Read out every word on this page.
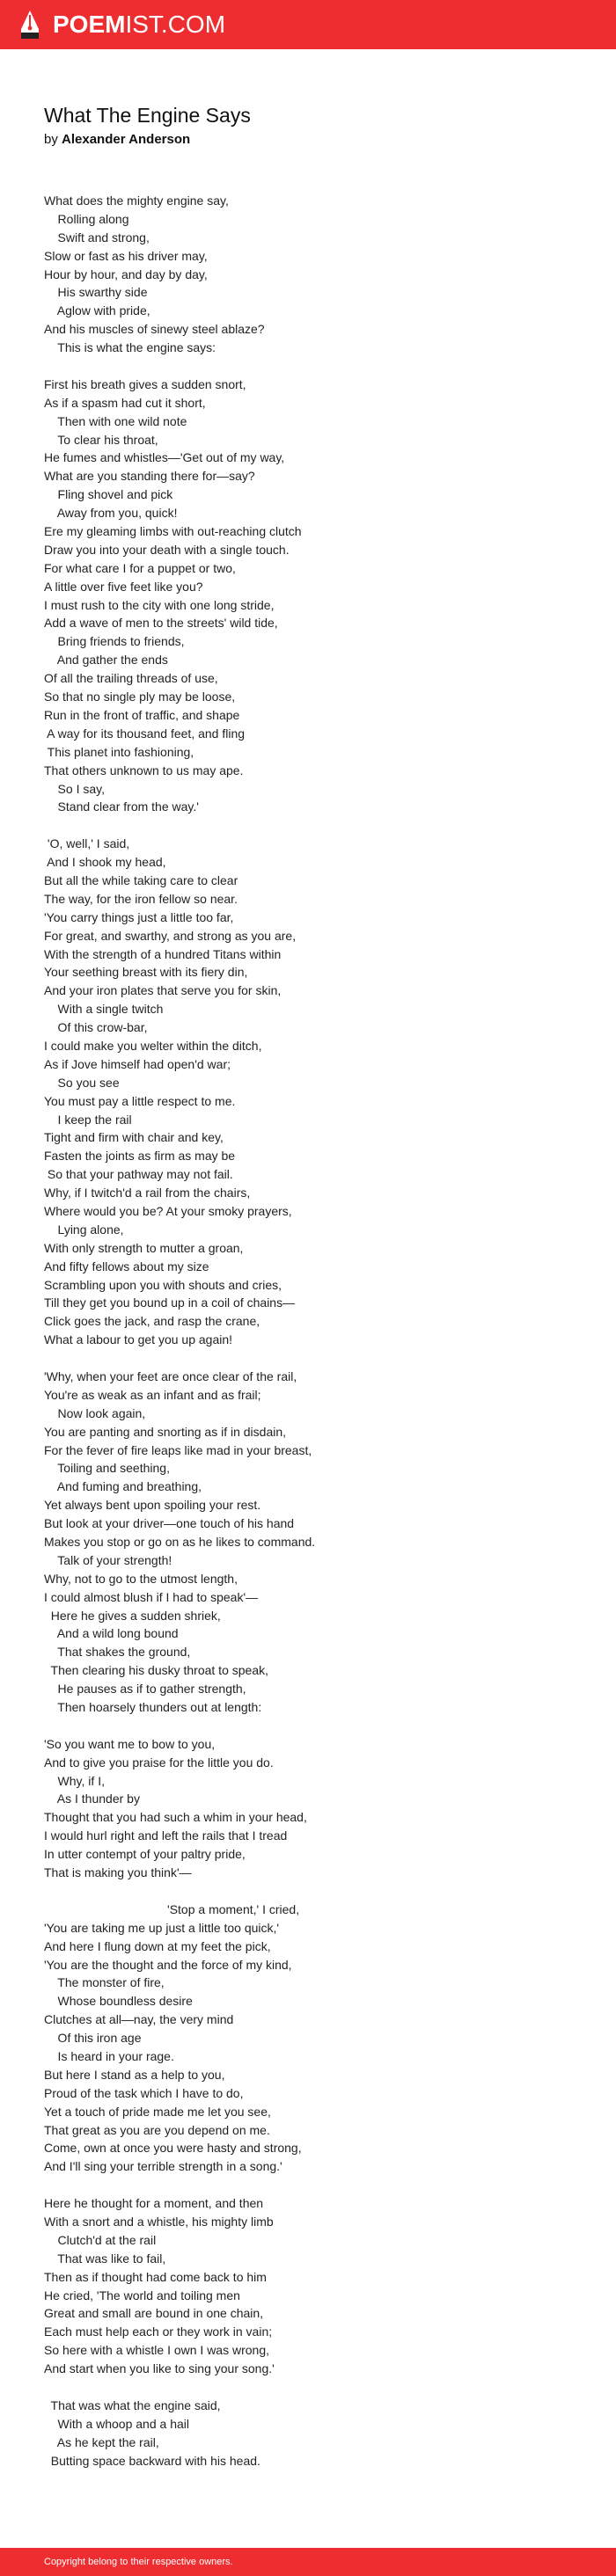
POEMIST.COM
What The Engine Says
by Alexander Anderson
What does the mighty engine say,
Rolling along
Swift and strong,
Slow or fast as his driver may,
Hour by hour, and day by day,
His swarthy side
Aglow with pride,
And his muscles of sinewy steel ablaze?
This is what the engine says:
First his breath gives a sudden snort,
As if a spasm had cut it short,
Then with one wild note
To clear his throat,
He fumes and whistles—'Get out of my way,
What are you standing there for—say?
Fling shovel and pick
Away from you, quick!
Ere my gleaming limbs with out-reaching clutch
Draw you into your death with a single touch.
For what care I for a puppet or two,
A little over five feet like you?
I must rush to the city with one long stride,
Add a wave of men to the streets' wild tide,
Bring friends to friends,
And gather the ends
Of all the trailing threads of use,
So that no single ply may be loose,
Run in the front of traffic, and shape
A way for its thousand feet, and fling
This planet into fashioning,
That others unknown to us may ape.
So I say,
Stand clear from the way.'
'O, well,' I said,
And I shook my head,
But all the while taking care to clear
The way, for the iron fellow so near.
'You carry things just a little too far,
For great, and swarthy, and strong as you are,
With the strength of a hundred Titans within
Your seething breast with its fiery din,
And your iron plates that serve you for skin,
With a single twitch
Of this crow-bar,
I could make you welter within the ditch,
As if Jove himself had open'd war;
So you see
You must pay a little respect to me.
I keep the rail
Tight and firm with chair and key,
Fasten the joints as firm as may be
So that your pathway may not fail.
Why, if I twitch'd a rail from the chairs,
Where would you be? At your smoky prayers,
Lying alone,
With only strength to mutter a groan,
And fifty fellows about my size
Scrambling upon you with shouts and cries,
Till they get you bound up in a coil of chains—
Click goes the jack, and rasp the crane,
What a labour to get you up again!
'Why, when your feet are once clear of the rail,
You're as weak as an infant and as frail;
Now look again,
You are panting and snorting as if in disdain,
For the fever of fire leaps like mad in your breast,
Toiling and seething,
And fuming and breathing,
Yet always bent upon spoiling your rest.
But look at your driver—one touch of his hand
Makes you stop or go on as he likes to command.
Talk of your strength!
Why, not to go to the utmost length,
I could almost blush if I had to speak'—
Here he gives a sudden shriek,
And a wild long bound
That shakes the ground,
Then clearing his dusky throat to speak,
He pauses as if to gather strength,
Then hoarsely thunders out at length:
'So you want me to bow to you,
And to give you praise for the little you do.
Why, if I,
As I thunder by
Thought that you had such a whim in your head,
I would hurl right and left the rails that I tread
In utter contempt of your paltry pride,
That is making you think'—
'Stop a moment,' I cried,
'You are taking me up just a little too quick,'
And here I flung down at my feet the pick,
'You are the thought and the force of my kind,
The monster of fire,
Whose boundless desire
Clutches at all—nay, the very mind
Of this iron age
Is heard in your rage.
But here I stand as a help to you,
Proud of the task which I have to do,
Yet a touch of pride made me let you see,
That great as you are you depend on me.
Come, own at once you were hasty and strong,
And I'll sing your terrible strength in a song.'
Here he thought for a moment, and then
With a snort and a whistle, his mighty limb
Clutch'd at the rail
That was like to fail,
Then as if thought had come back to him
He cried, 'The world and toiling men
Great and small are bound in one chain,
Each must help each or they work in vain;
So here with a whistle I own I was wrong,
And start when you like to sing your song.'
That was what the engine said,
With a whoop and a hail
As he kept the rail,
Butting space backward with his head.
Copyright belong to their respective owners.
